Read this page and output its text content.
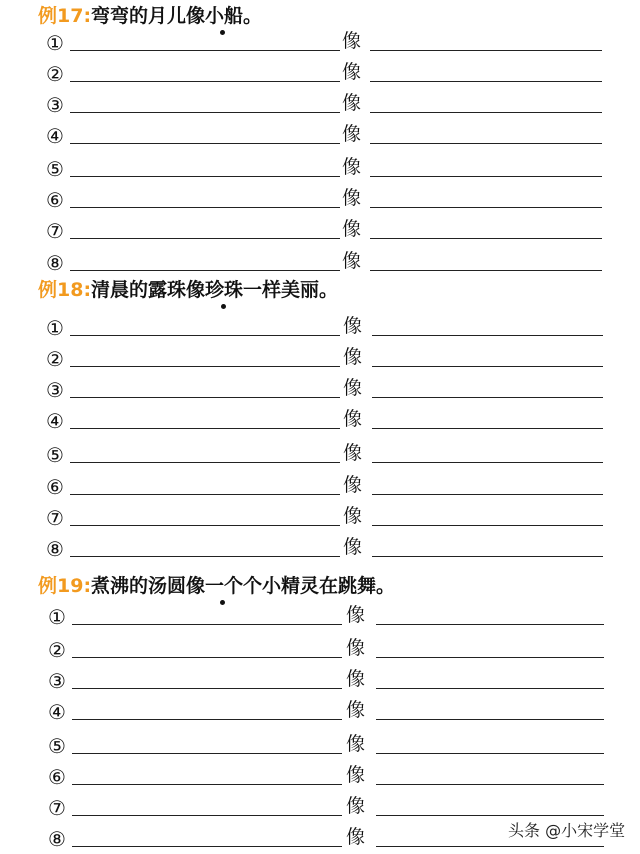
例17:弯弯的月儿像小船。
例18:清晨的露珠像珍珠一样美丽。
例19:煮沸的汤圆像一个个小精灵在跳舞。
①	像
②	像
③	像
④	像
⑤	像
⑥	像
⑦	像
⑧	像
①	像
②	像
③	像
④	像
⑤	像
⑥	像
⑦	像
⑧	像
①	像
②	像
③	像
④	像
⑤	像
⑥	像
⑦	像
⑧	像	头条 @小宋学堂
